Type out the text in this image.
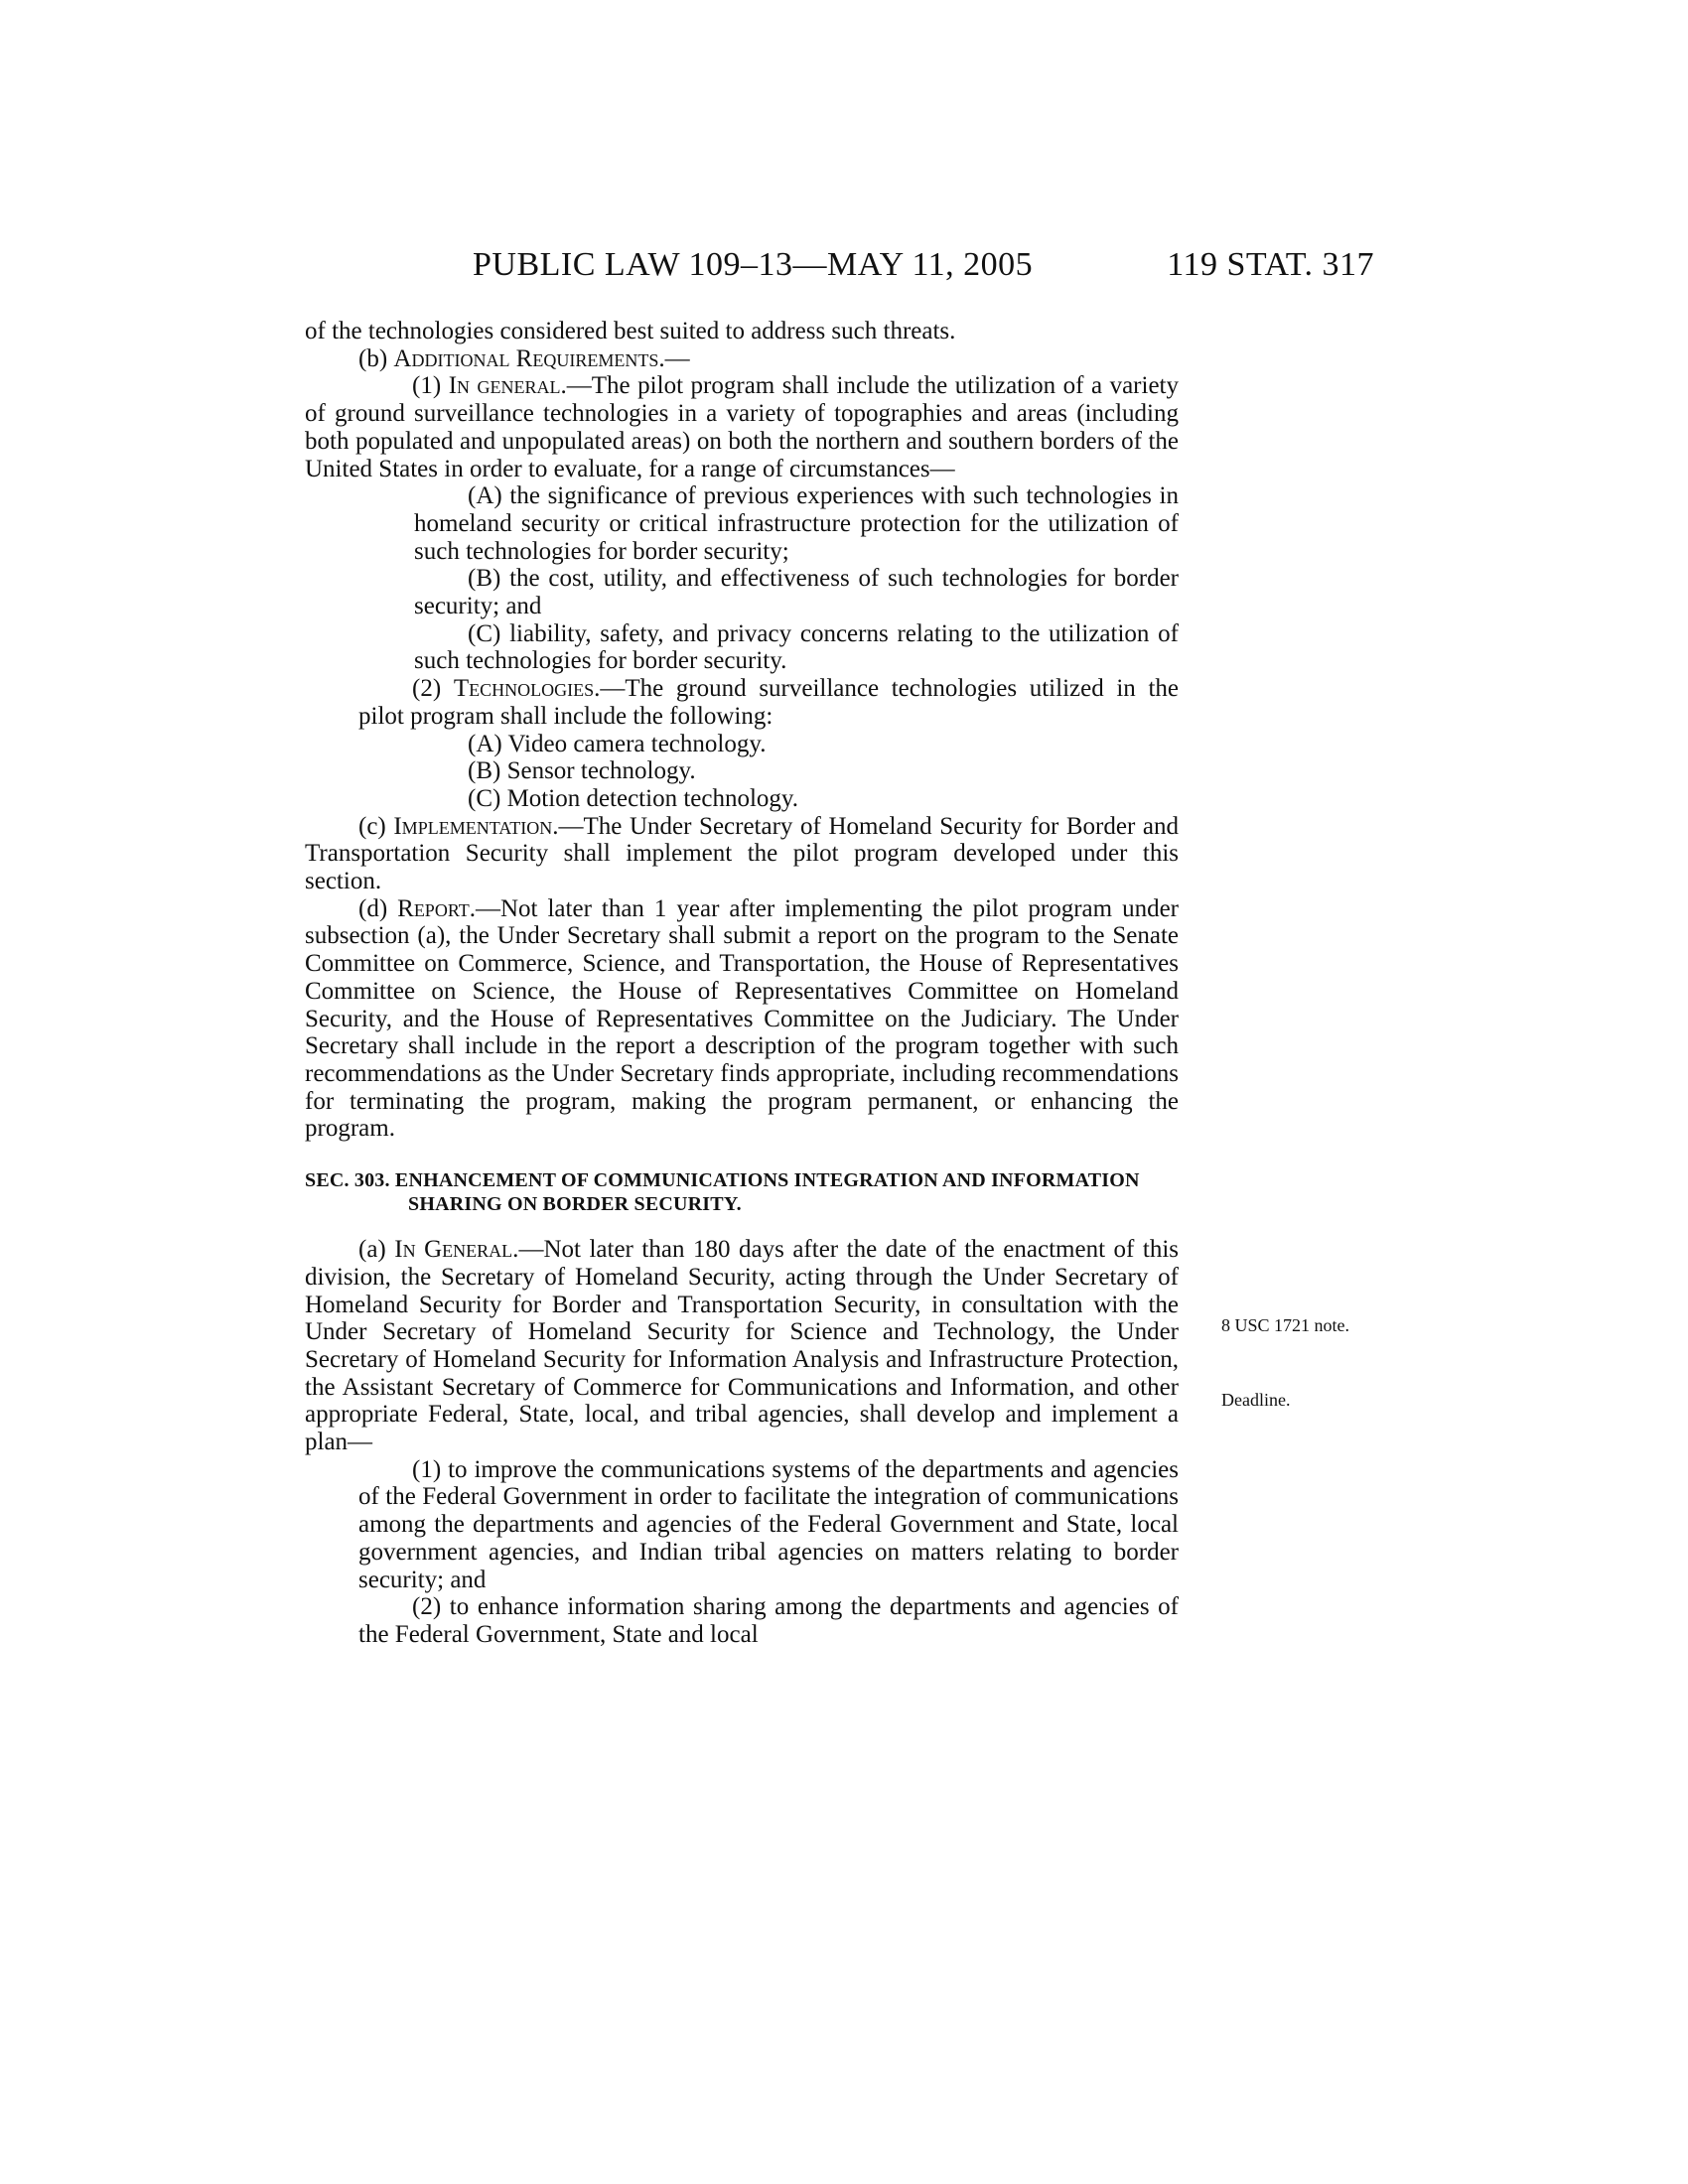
PUBLIC LAW 109–13—MAY 11, 2005	119 STAT. 317

of the technologies considered best suited to address such threats.

(b) Additional Requirements.—

(1) In general.—The pilot program shall include the utilization of a variety of ground surveillance technologies in a variety of topographies and areas (including both populated and unpopulated areas) on both the northern and southern borders of the United States in order to evaluate, for a range of circumstances—

(A) the significance of previous experiences with such technologies in homeland security or critical infrastructure protection for the utilization of such technologies for border security;

(B) the cost, utility, and effectiveness of such technologies for border security; and

(C) liability, safety, and privacy concerns relating to the utilization of such technologies for border security.

(2) Technologies.—The ground surveillance technologies utilized in the pilot program shall include the following:

(A) Video camera technology.

(B) Sensor technology.

(C) Motion detection technology.

(c) Implementation.—The Under Secretary of Homeland Security for Border and Transportation Security shall implement the pilot program developed under this section.

(d) Report.—Not later than 1 year after implementing the pilot program under subsection (a), the Under Secretary shall submit a report on the program to the Senate Committee on Commerce, Science, and Transportation, the House of Representatives Committee on Science, the House of Representatives Committee on Homeland Security, and the House of Representatives Committee on the Judiciary. The Under Secretary shall include in the report a description of the program together with such recommendations as the Under Secretary finds appropriate, including recommendations for terminating the program, making the program permanent, or enhancing the program.

SEC. 303. ENHANCEMENT OF COMMUNICATIONS INTEGRATION AND INFORMATION SHARING ON BORDER SECURITY.

(a) In General.—Not later than 180 days after the date of the enactment of this division, the Secretary of Homeland Security, acting through the Under Secretary of Homeland Security for Border and Transportation Security, in consultation with the Under Secretary of Homeland Security for Science and Technology, the Under Secretary of Homeland Security for Information Analysis and Infrastructure Protection, the Assistant Secretary of Commerce for Communications and Information, and other appropriate Federal, State, local, and tribal agencies, shall develop and implement a plan—

(1) to improve the communications systems of the departments and agencies of the Federal Government in order to facilitate the integration of communications among the departments and agencies of the Federal Government and State, local government agencies, and Indian tribal agencies on matters relating to border security; and

(2) to enhance information sharing among the departments and agencies of the Federal Government, State and local

8 USC 1721 note.
Deadline.
